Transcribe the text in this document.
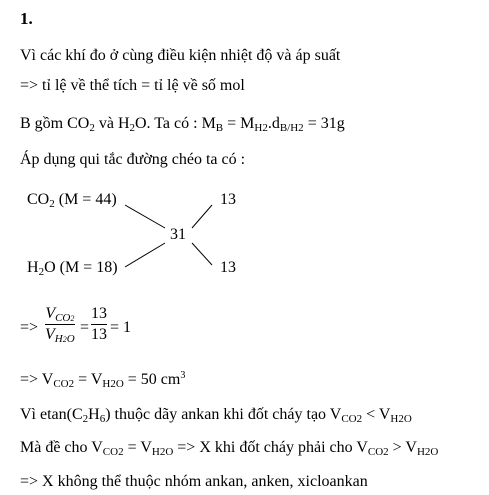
1.
Vì các khí đo ở cùng điều kiện nhiệt độ và áp suất
=> tỉ lệ về thể tích = tỉ lệ về số mol
B gồm $CO_2$ và $H_2O$. Ta có : $M_B = M_{H2}.d_{B/H2} = 31g$
Áp dụng qui tắc đường chéo ta có :
$CO_2$ (M = 44)
$H_2O$ (M = 18)
31
13
13
=>
$V_{CO2}$
$V_{H2O}$
=
13
13 = 1
=> $V_{CO2} = V_{H2O} = 50$ $cm^3$
Vì $etan(C_2H_6)$ thuộc dãy ankan khi đốt cháy tạo $V_{CO2} < V_{H2O}$
Mà đề cho $V_{CO2} = V_{H2O} => X$ khi đốt cháy phải cho $V_{CO2} > V_{H2O}$
=> X không thể thuộc nhóm ankan, anken, xicloankan
